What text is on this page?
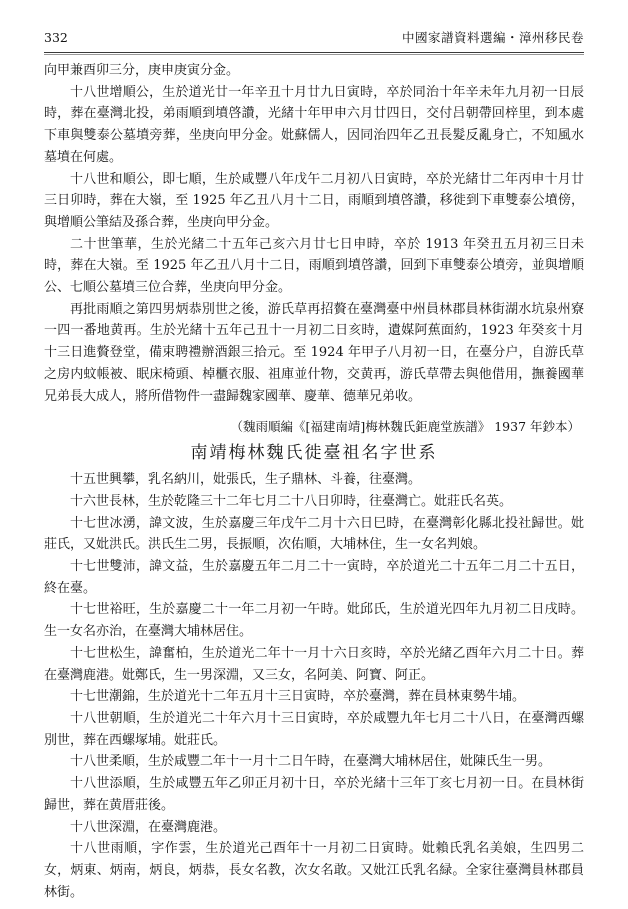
332	中國家譜資料選編・漳州移民卷

向甲兼酉卯三分，庚申庚寅分金。

十八世增順公，生於道光廿一年辛丑十月廿九日寅時，卒於同治十年辛未年九月初一日辰時，葬在臺灣北投，弟雨順到墳啓讚，光緒十年甲申六月廿四日，交付吕朝帶回梓里，到本處下車與雙泰公墓墳旁葬，坐庚向甲分金。妣蘇儒人，因同治四年乙丑長髮反亂身亡，不知風水墓墳在何處。

十八世和順公，即七順，生於咸豐八年戊午二月初八日寅時，卒於光緒廿二年丙申十月廿三日卯時，葬在大嶺，至 1925 年乙丑八月十二日，雨順到墳啓讚，移徙到下車雙泰公墳傍，與增順公筆結及孫合葬，坐庚向甲分金。

二十世筆華，生於光緒二十五年己亥六月廿七日申時，卒於 1913 年癸丑五月初三日未時，葬在大嶺。至 1925 年乙丑八月十二日，雨順到墳啓讚，回到下車雙泰公墳旁，並與增順公、七順公墓墳三位合葬，坐庚向甲分金。

再批雨順之第四男炳恭別世之後，游氏草再招贅在臺灣臺中州員林郡員林街湖水坑泉州寮一四一番地黄再。生於光緒十五年己丑十一月初二日亥時，遺媒阿蕉面約，1923 年癸亥十月十三日進贅登堂，備束聘禮辦酒銀三拾元。至 1924 年甲子八月初一日，在臺分户，自游氏草之房内蚊帳被、眠床椅頭、棹櫃衣服、祖庫並什物，交黄再，游氏草帶去與他借用，撫養國華兄弟長大成人，將所借物件一盡歸魏家國華、慶華、德華兄弟收。

（魏雨順編《[福建南靖]梅林魏氏鉅鹿堂族譜》 1937 年鈔本）
南靖梅林魏氏徙臺祖名字世系

十五世興攀，乳名納川，妣張氏，生子鼎林、斗養，往臺灣。

十六世長林，生於乾隆三十二年七月二十八日卯時，往臺灣亡。妣莊氏名英。

十七世冰湧，諱文波，生於嘉慶三年戊午二月十六日巳時，在臺灣彰化縣北投社歸世。妣莊氏，又妣洪氏。洪氏生二男，長振順，次佑順，大埔林住，生一女名判娘。

十七世雙沛，諱文益，生於嘉慶五年二月二十一寅時，卒於道光二十五年二月二十五日，終在臺。

十七世裕旺，生於嘉慶二十一年二月初一午時。妣邱氏，生於道光四年九月初二日戌時。生一女名亦治，在臺灣大埔林居住。

十七世松生，諱奮柏，生於道光二年十一月十六日亥時，卒於光緒乙酉年六月二十日。葬在臺灣鹿港。妣鄭氏，生一男深淵，又三女，名阿美、阿寶、阿正。

十七世潮錦，生於道光十二年五月十三日寅時，卒於臺灣，葬在員林東勢牛埔。

十八世朝順，生於道光二十年六月十三日寅時，卒於咸豐九年七月二十八日，在臺灣西螺別世，葬在西螺塚埔。妣莊氏。

十八世柔順，生於咸豐二年十一月十二日午時，在臺灣大埔林居住，妣陳氏生一男。

十八世添順，生於咸豐五年乙卯正月初十日，卒於光緒十三年丁亥七月初一日。在員林街歸世，葬在黄厝莊後。

十八世深淵，在臺灣鹿港。

十八世雨順，字作雲，生於道光己酉年十一月初二日寅時。妣賴氏乳名美娘，生四男二女，炳東、炳南，炳良，炳恭，長女名教，次女名敢。又妣江氏乳名緑。全家往臺灣員林郡員林街。
